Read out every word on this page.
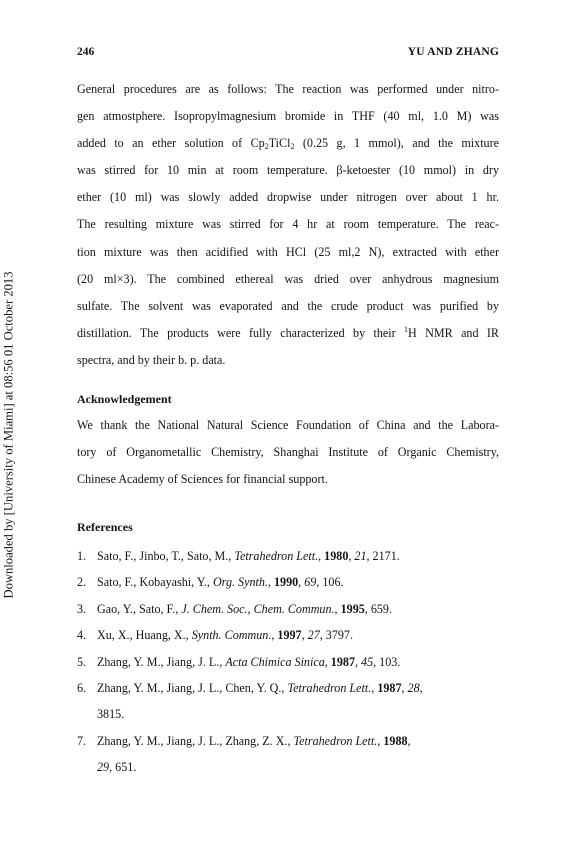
Downloaded by [University of Miami] at 08:56 01 October 2013
246	YU AND ZHANG
General procedures are as follows: The reaction was performed under nitro-
gen atmostphere. Isopropylmagnesium bromide in THF (40 ml, 1.0 M) was
added to an ether solution of $Cp_2TiCl_2$ (0.25 g, 1 mmol), and the mixture
was stirred for 10 min at room temperature. β-ketoester (10 mmol) in dry
ether (10 ml) was slowly added dropwise under nitrogen over about 1 hr.
The resulting mixture was stirred for 4 hr at room temperature. The reac-
tion mixture was then acidified with HCl (25 ml,2 N), extracted with ether
(20 ml×3). The combined ethereal was dried over anhydrous magnesium
sulfate. The solvent was evaporated and the crude product was purified by
distillation. The products were fully characterized by their $^1$H NMR and IR
spectra, and by their b. p. data.
Acknowledgement
We thank the National Natural Science Foundation of China and the Labora-
tory of Organometallic Chemistry, Shanghai Institute of Organic Chemistry,
Chinese Academy of Sciences for financial support.
References
1. Sato, F., Jinbo, T., Sato, M., Tetrahedron Lett., 1980, 21, 2171.
2. Sato, F., Kobayashi, Y., Org. Synth., 1990, 69, 106.
3. Gao, Y., Sato, F., J. Chem. Soc., Chem. Commun., 1995, 659.
4. Xu, X., Huang, X., Synth. Commun., 1997, 27, 3797.
5. Zhang, Y. M., Jiang, J. L., Acta Chimica Sinica, 1987, 45, 103.
6. Zhang, Y. M., Jiang, J. L., Chen, Y. Q., Tetrahedron Lett., 1987, 28,
3815.
7. Zhang, Y. M., Jiang, J. L., Zhang, Z. X., Tetrahedron Lett., 1988,
29, 651.
